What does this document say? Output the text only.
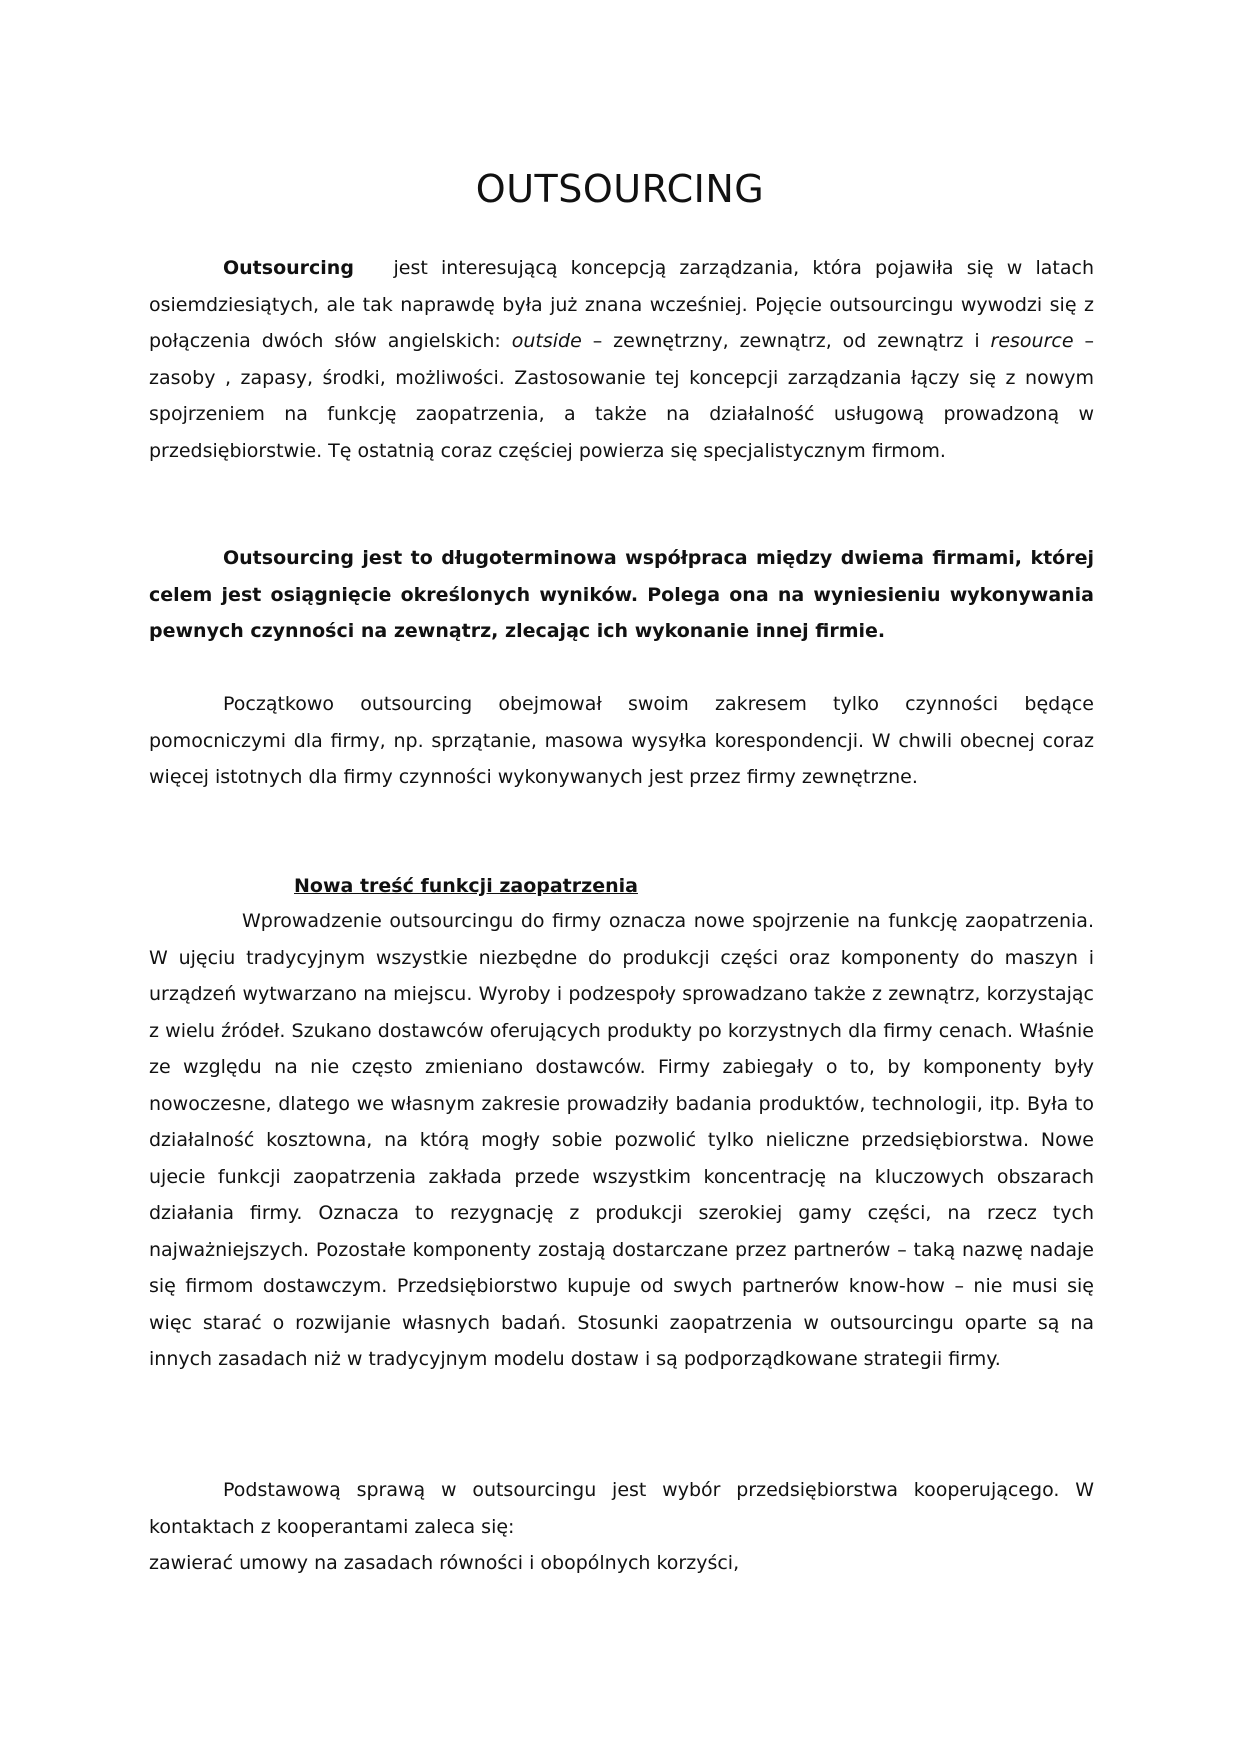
OUTSOURCING

Outsourcing   jest interesującą koncepcją zarządzania, która pojawiła się w latach osiemdziesiątych, ale tak naprawdę była już znana wcześniej. Pojęcie outsourcingu wywodzi się z połączenia dwóch słów angielskich: outside – zewnętrzny, zewnątrz, od zewnątrz i resource – zasoby , zapasy, środki, możliwości. Zastosowanie tej koncepcji zarządzania łączy się z nowym spojrzeniem na funkcję zaopatrzenia, a także na działalność usługową prowadzoną w przedsiębiorstwie. Tę ostatnią coraz częściej powierza się specjalistycznym firmom.

Outsourcing jest to długoterminowa współpraca między dwiema firmami, której celem jest osiągnięcie określonych wyników. Polega ona na wyniesieniu wykonywania pewnych czynności na zewnątrz, zlecając ich wykonanie innej firmie.

Początkowo outsourcing obejmował swoim zakresem tylko czynności będące pomocniczymi dla firmy, np. sprzątanie, masowa wysyłka korespondencji. W chwili obecnej coraz więcej istotnych dla firmy czynności wykonywanych jest przez firmy zewnętrzne.

Nowa treść funkcji zaopatrzenia

Wprowadzenie outsourcingu do firmy oznacza nowe spojrzenie na funkcję zaopatrzenia. W ujęciu tradycyjnym wszystkie niezbędne do produkcji części oraz komponenty do maszyn i urządzeń wytwarzano na miejscu. Wyroby i podzespoły sprowadzano także z zewnątrz, korzystając z wielu źródeł. Szukano dostawców oferujących produkty po korzystnych dla firmy cenach. Właśnie ze względu na nie często zmieniano dostawców. Firmy zabiegały o to, by komponenty były nowoczesne, dlatego we własnym zakresie prowadziły badania produktów, technologii, itp. Była to działalność kosztowna, na którą mogły sobie pozwolić tylko nieliczne przedsiębiorstwa. Nowe ujecie funkcji zaopatrzenia zakłada przede wszystkim koncentrację na kluczowych obszarach działania firmy. Oznacza to rezygnację z produkcji szerokiej gamy części, na rzecz tych najważniejszych. Pozostałe komponenty zostają dostarczane przez partnerów – taką nazwę nadaje się firmom dostawczym. Przedsiębiorstwo kupuje od swych partnerów know-how – nie musi się więc starać o rozwijanie własnych badań. Stosunki zaopatrzenia w outsourcingu oparte są na innych zasadach niż w tradycyjnym modelu dostaw i są podporządkowane strategii firmy.

Podstawową sprawą w outsourcingu jest wybór przedsiębiorstwa kooperującego. W kontaktach z kooperantami zaleca się:

zawierać umowy na zasadach równości i obopólnych korzyści,
